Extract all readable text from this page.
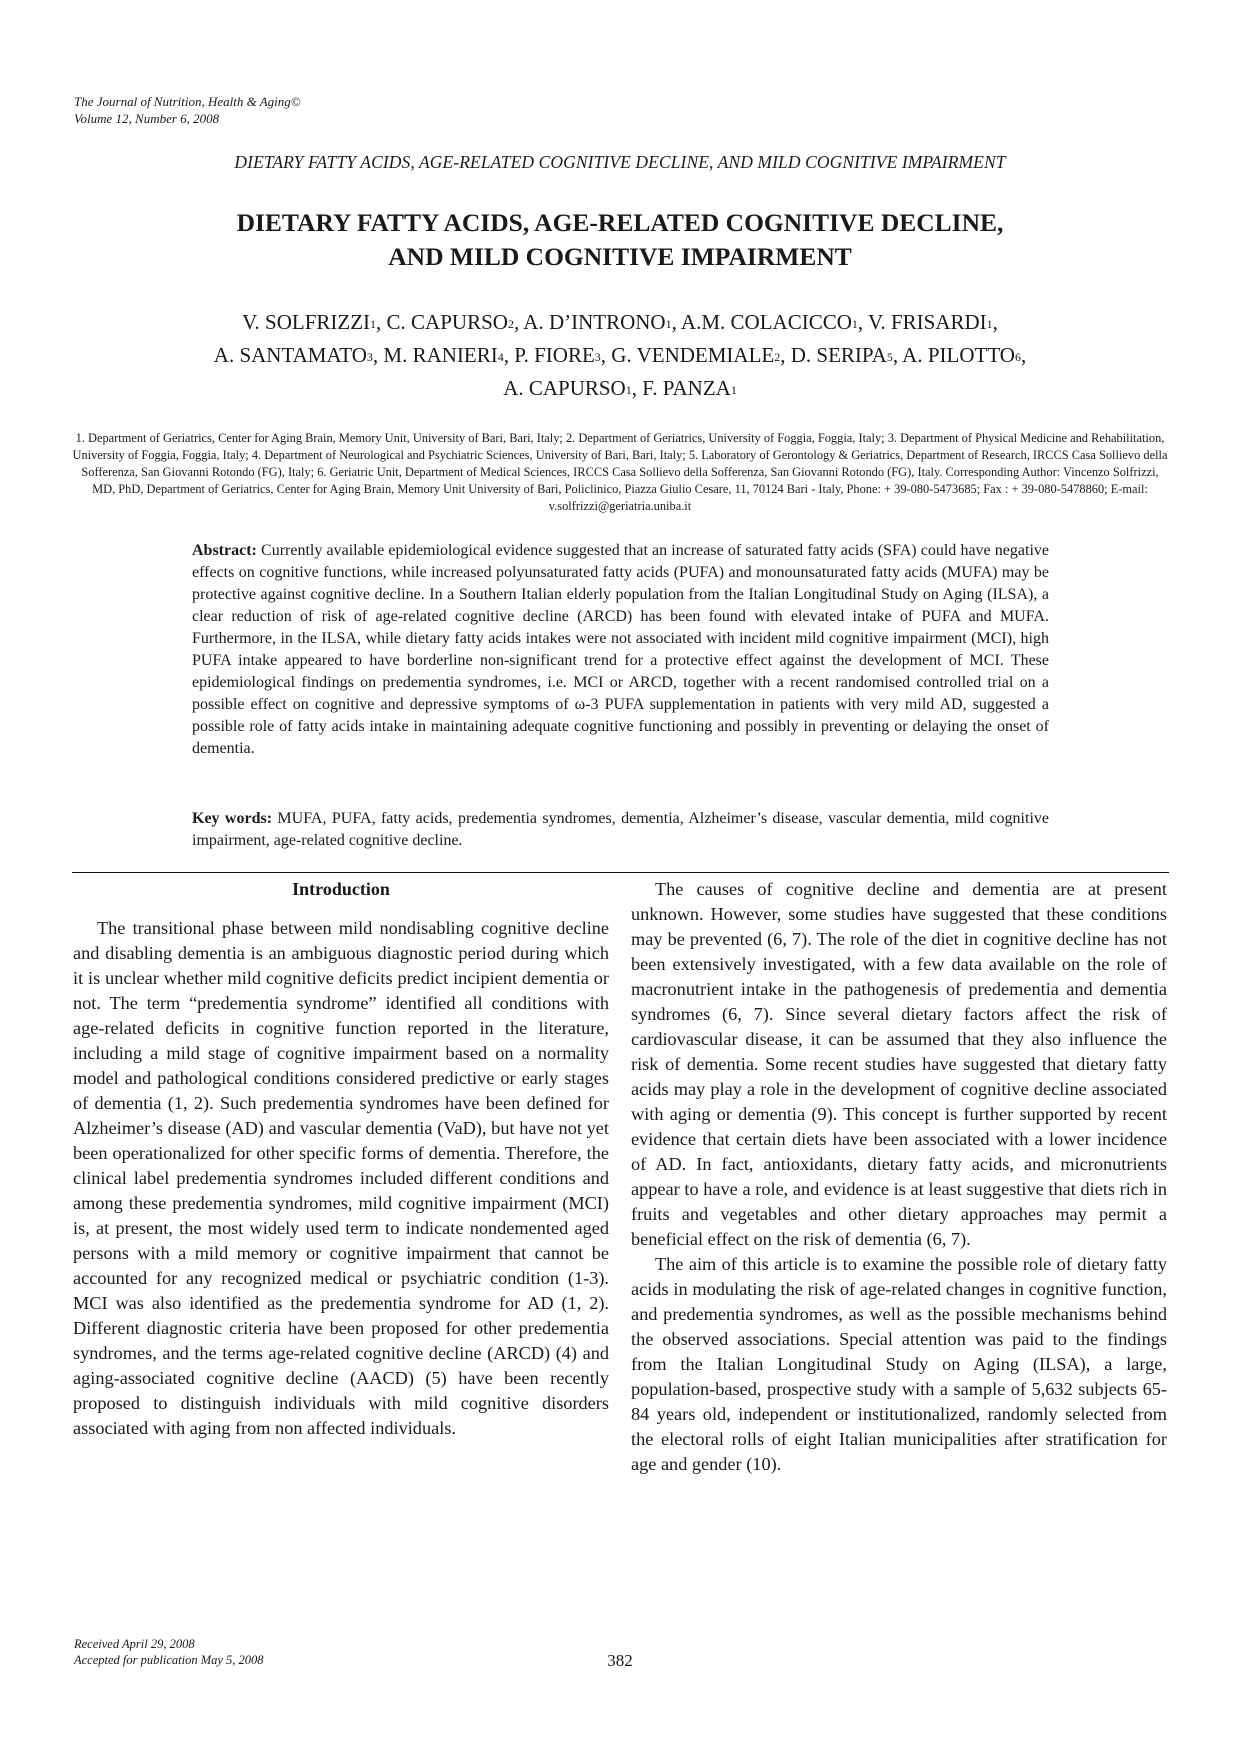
The Journal of Nutrition, Health & Aging©
Volume 12, Number 6, 2008
DIETARY FATTY ACIDS, AGE-RELATED COGNITIVE DECLINE, AND MILD COGNITIVE IMPAIRMENT
DIETARY FATTY ACIDS, AGE-RELATED COGNITIVE DECLINE,
AND MILD COGNITIVE IMPAIRMENT
V. SOLFRIZZI$^1$, C. CAPURSO$^2$, A. D’INTRONO$^1$, A.M. COLACICCO$^1$, V. FRISARDI$^1$,
A. SANTAMATO$^3$, M. RANIERI$^4$, P. FIORE$^3$, G. VENDEMIALE$^2$, D. SERIPA$^5$, A. PILOTTO$^6$,
A. CAPURSO$^1$, F. PANZA$^1$
1. Department of Geriatrics, Center for Aging Brain, Memory Unit, University of Bari, Bari, Italy; 2. Department of Geriatrics, University of Foggia, Foggia, Italy; 3. Department of Physical Medicine and Rehabilitation, University of Foggia, Foggia, Italy; 4. Department of Neurological and Psychiatric Sciences, University of Bari, Bari, Italy; 5. Laboratory of Gerontology & Geriatrics, Department of Research, IRCCS Casa Sollievo della Sofferenza, San Giovanni Rotondo (FG), Italy; 6. Geriatric Unit, Department of Medical Sciences, IRCCS Casa Sollievo della Sofferenza, San Giovanni Rotondo (FG), Italy. Corresponding Author: Vincenzo Solfrizzi, MD, PhD, Department of Geriatrics, Center for Aging Brain, Memory Unit University of Bari, Policlinico, Piazza Giulio Cesare, 11, 70124 Bari - Italy, Phone: + 39-080-5473685; Fax : + 39-080-5478860; E-mail: v.solfrizzi@geriatria.uniba.it
Abstract: Currently available epidemiological evidence suggested that an increase of saturated fatty acids (SFA) could have negative effects on cognitive functions, while increased polyunsaturated fatty acids (PUFA) and monounsaturated fatty acids (MUFA) may be protective against cognitive decline. In a Southern Italian elderly population from the Italian Longitudinal Study on Aging (ILSA), a clear reduction of risk of age-related cognitive decline (ARCD) has been found with elevated intake of PUFA and MUFA. Furthermore, in the ILSA, while dietary fatty acids intakes were not associated with incident mild cognitive impairment (MCI), high PUFA intake appeared to have borderline non-significant trend for a protective effect against the development of MCI. These epidemiological findings on predementia syndromes, i.e. MCI or ARCD, together with a recent randomised controlled trial on a possible effect on cognitive and depressive symptoms of ω-3 PUFA supplementation in patients with very mild AD, suggested a possible role of fatty acids intake in maintaining adequate cognitive functioning and possibly in preventing or delaying the onset of dementia.
Key words: MUFA, PUFA, fatty acids, predementia syndromes, dementia, Alzheimer’s disease, vascular dementia, mild cognitive impairment, age-related cognitive decline.
Introduction

The transitional phase between mild nondisabling cognitive decline and disabling dementia is an ambiguous diagnostic period during which it is unclear whether mild cognitive deficits predict incipient dementia or not. The term “predementia syndrome” identified all conditions with age-related deficits in cognitive function reported in the literature, including a mild stage of cognitive impairment based on a normality model and pathological conditions considered predictive or early stages of dementia (1, 2). Such predementia syndromes have been defined for Alzheimer’s disease (AD) and vascular dementia (VaD), but have not yet been operationalized for other specific forms of dementia. Therefore, the clinical label predementia syndromes included different conditions and among these predementia syndromes, mild cognitive impairment (MCI) is, at present, the most widely used term to indicate nondemented aged persons with a mild memory or cognitive impairment that cannot be accounted for any recognized medical or psychiatric condition (1-3). MCI was also identified as the predementia syndrome for AD (1, 2). Different diagnostic criteria have been proposed for other predementia syndromes, and the terms age-related cognitive decline (ARCD) (4) and aging-associated cognitive decline (AACD) (5) have been recently proposed to distinguish individuals with mild cognitive disorders associated with aging from non affected individuals.

The causes of cognitive decline and dementia are at present unknown. However, some studies have suggested that these conditions may be prevented (6, 7). The role of the diet in cognitive decline has not been extensively investigated, with a few data available on the role of macronutrient intake in the pathogenesis of predementia and dementia syndromes (6, 7). Since several dietary factors affect the risk of cardiovascular disease, it can be assumed that they also influence the risk of dementia. Some recent studies have suggested that dietary fatty acids may play a role in the development of cognitive decline associated with aging or dementia (9). This concept is further supported by recent evidence that certain diets have been associated with a lower incidence of AD. In fact, antioxidants, dietary fatty acids, and micronutrients appear to have a role, and evidence is at least suggestive that diets rich in fruits and vegetables and other dietary approaches may permit a beneficial effect on the risk of dementia (6, 7).

The aim of this article is to examine the possible role of dietary fatty acids in modulating the risk of age-related changes in cognitive function, and predementia syndromes, as well as the possible mechanisms behind the observed associations. Special attention was paid to the findings from the Italian Longitudinal Study on Aging (ILSA), a large, population-based, prospective study with a sample of 5,632 subjects 65-84 years old, independent or institutionalized, randomly selected from the electoral rolls of eight Italian municipalities after stratification for age and gender (10).

Received April 29, 2008
Accepted for publication May 5, 2008	382
